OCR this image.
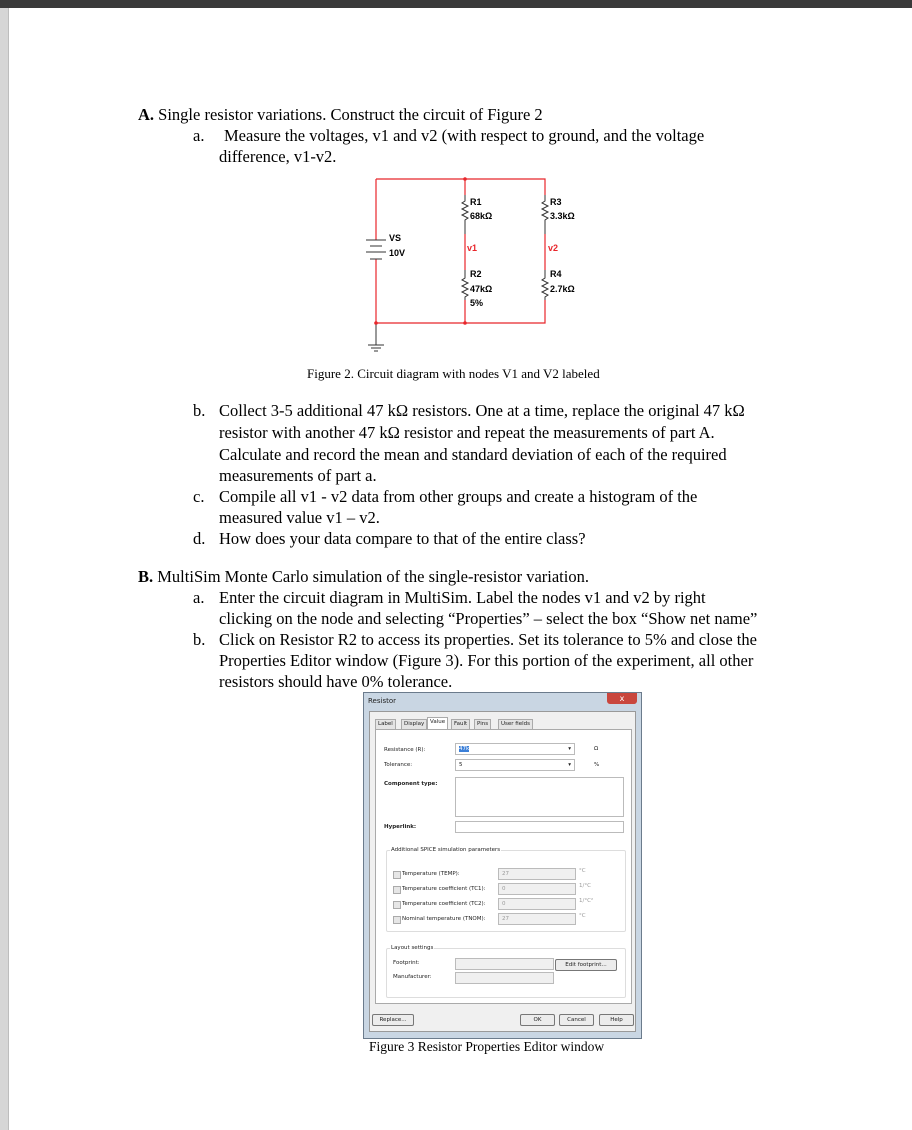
A. Single resistor variations. Construct the circuit of Figure 2
a. Measure the voltages, v1 and v2 (with respect to ground, and the voltage
difference, v1-v2.
R1
68kΩ
R3
3.3kΩ
VS
10V	v1	v2
R2
47kΩ
5%
R4
2.7kΩ
Figure 2. Circuit diagram with nodes V1 and V2 labeled
b. Collect 3-5 additional 47 kΩ resistors. One at a time, replace the original 47 kΩ
resistor with another 47 kΩ resistor and repeat the measurements of part A.
Calculate and record the mean and standard deviation of each of the required
measurements of part a.
c. Compile all v1 - v2 data from other groups and create a histogram of the
measured value v1 – v2.
d. How does your data compare to that of the entire class?
B. MultiSim Monte Carlo simulation of the single-resistor variation.
a. Enter the circuit diagram in MultiSim. Label the nodes v1 and v2 by right
clicking on the node and selecting “Properties” – select the box “Show net name”
b. Click on Resistor R2 to access its properties. Set its tolerance to 5% and close the
Properties Editor window (Figure 3). For this portion of the experiment, all other
resistors should have 0% tolerance.
Resistor	x
Label	Display	Value	Fault	Pins	User fields
Resistance (R):	47k	▾	Ω
Tolerance:	5	▾	%
Component type:
Hyperlink:
Additional SPICE simulation parameters
Temperature (TEMP):	27	°C
Temperature coefficient (TC1):	0	1/°C
Temperature coefficient (TC2):	0	1/°C²
Nominal temperature (TNOM):	27	°C
Layout settings
Footprint:	Edit footprint...
Manufacturer:
Replace...	OK	Cancel	Help
Figure 3 Resistor Properties Editor window
